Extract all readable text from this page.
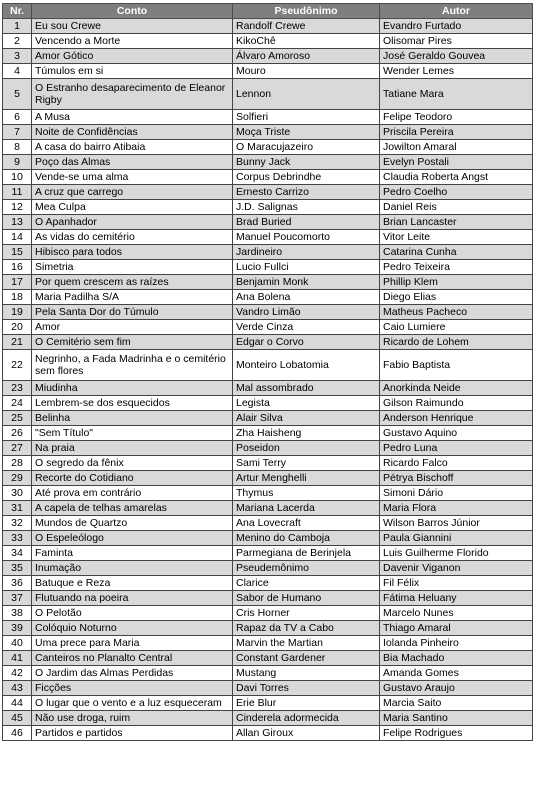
Nr.	Conto	Pseudônimo	Autor
1	Eu sou Crewe	Randolf Crewe	Evandro Furtado
2	Vencendo a Morte	KikoChê	Olisomar Pires
3	Amor Gótico	Álvaro Amoroso	José Geraldo Gouvea
4	Túmulos em si	Mouro	Wender Lemes
5	O Estranho desaparecimento de Eleanor Rigby	Lennon	Tatiane Mara
6	A Musa	Solfieri	Felipe Teodoro
7	Noite de Confidências	Moça Triste	Priscila Pereira
8	A casa do bairro Atibaia	O Maracujazeiro	Jowilton Amaral
9	Poço das Almas	Bunny Jack	Evelyn Postali
10	Vende-se uma alma	Corpus Debrindhe	Claudia Roberta Angst
11	A cruz que carrego	Ernesto Carrizo	Pedro Coelho
12	Mea Culpa	J.D. Salignas	Daniel Reis
13	O Apanhador	Brad Buried	Brian Lancaster
14	As vidas do cemitério	Manuel Poucomorto	Vitor Leite
15	Hibisco para todos	Jardineiro	Catarina Cunha
16	Simetria	Lucio Fullci	Pedro Teixeira
17	Por quem crescem as raízes	Benjamin Monk	Phillip Klem
18	Maria Padilha S/A	Ana Bolena	Diego Elias
19	Pela Santa Dor do Túmulo	Vandro Limão	Matheus Pacheco
20	Amor	Verde Cinza	Caio Lumiere
21	O Cemitério sem fim	Edgar o Corvo	Ricardo de Lohem
22	Negrinho, a Fada Madrinha e o cemitério sem flores	Monteiro Lobatomia	Fabio Baptista
23	Miudinha	Mal assombrado	Anorkinda Neide
24	Lembrem-se dos esquecidos	Legista	Gilson Raimundo
25	Belinha	Alair Silva	Anderson Henrique
26	"Sem Título"	Zha Haisheng	Gustavo Aquino
27	Na praia	Poseidon	Pedro Luna
28	O segredo da fênix	Sami Terry	Ricardo Falco
29	Recorte do Cotidiano	Artur Menghelli	Pétrya Bischoff
30	Até prova em contrário	Thymus	Simoni Dário
31	A capela de telhas amarelas	Mariana Lacerda	Maria Flora
32	Mundos de Quartzo	Ana Lovecraft	Wilson Barros Júnior
33	O Espeleólogo	Menino do Camboja	Paula Giannini
34	Faminta	Parmegiana de Berinjela	Luis Guilherme Florido
35	Inumação	Pseudemônimo	Davenir Viganon
36	Batuque e Reza	Clarice	Fil Félix
37	Flutuando na poeira	Sabor de Humano	Fátima Heluany
38	O Pelotão	Cris Horner	Marcelo Nunes
39	Colóquio Noturno	Rapaz da TV a Cabo	Thiago Amaral
40	Uma prece para Maria	Marvin the Martian	Iolanda Pinheiro
41	Canteiros no Planalto Central	Constant Gardener	Bia Machado
42	O Jardim das Almas Perdidas	Mustang	Amanda Gomes
43	Ficções	Davi Torres	Gustavo Araujo
44	O lugar que o vento e a luz esqueceram	Erie Blur	Marcia Saito
45	Não use droga, ruim	Cinderela adormecida	Maria Santino
46	Partidos e partidos	Allan Giroux	Felipe Rodrigues
